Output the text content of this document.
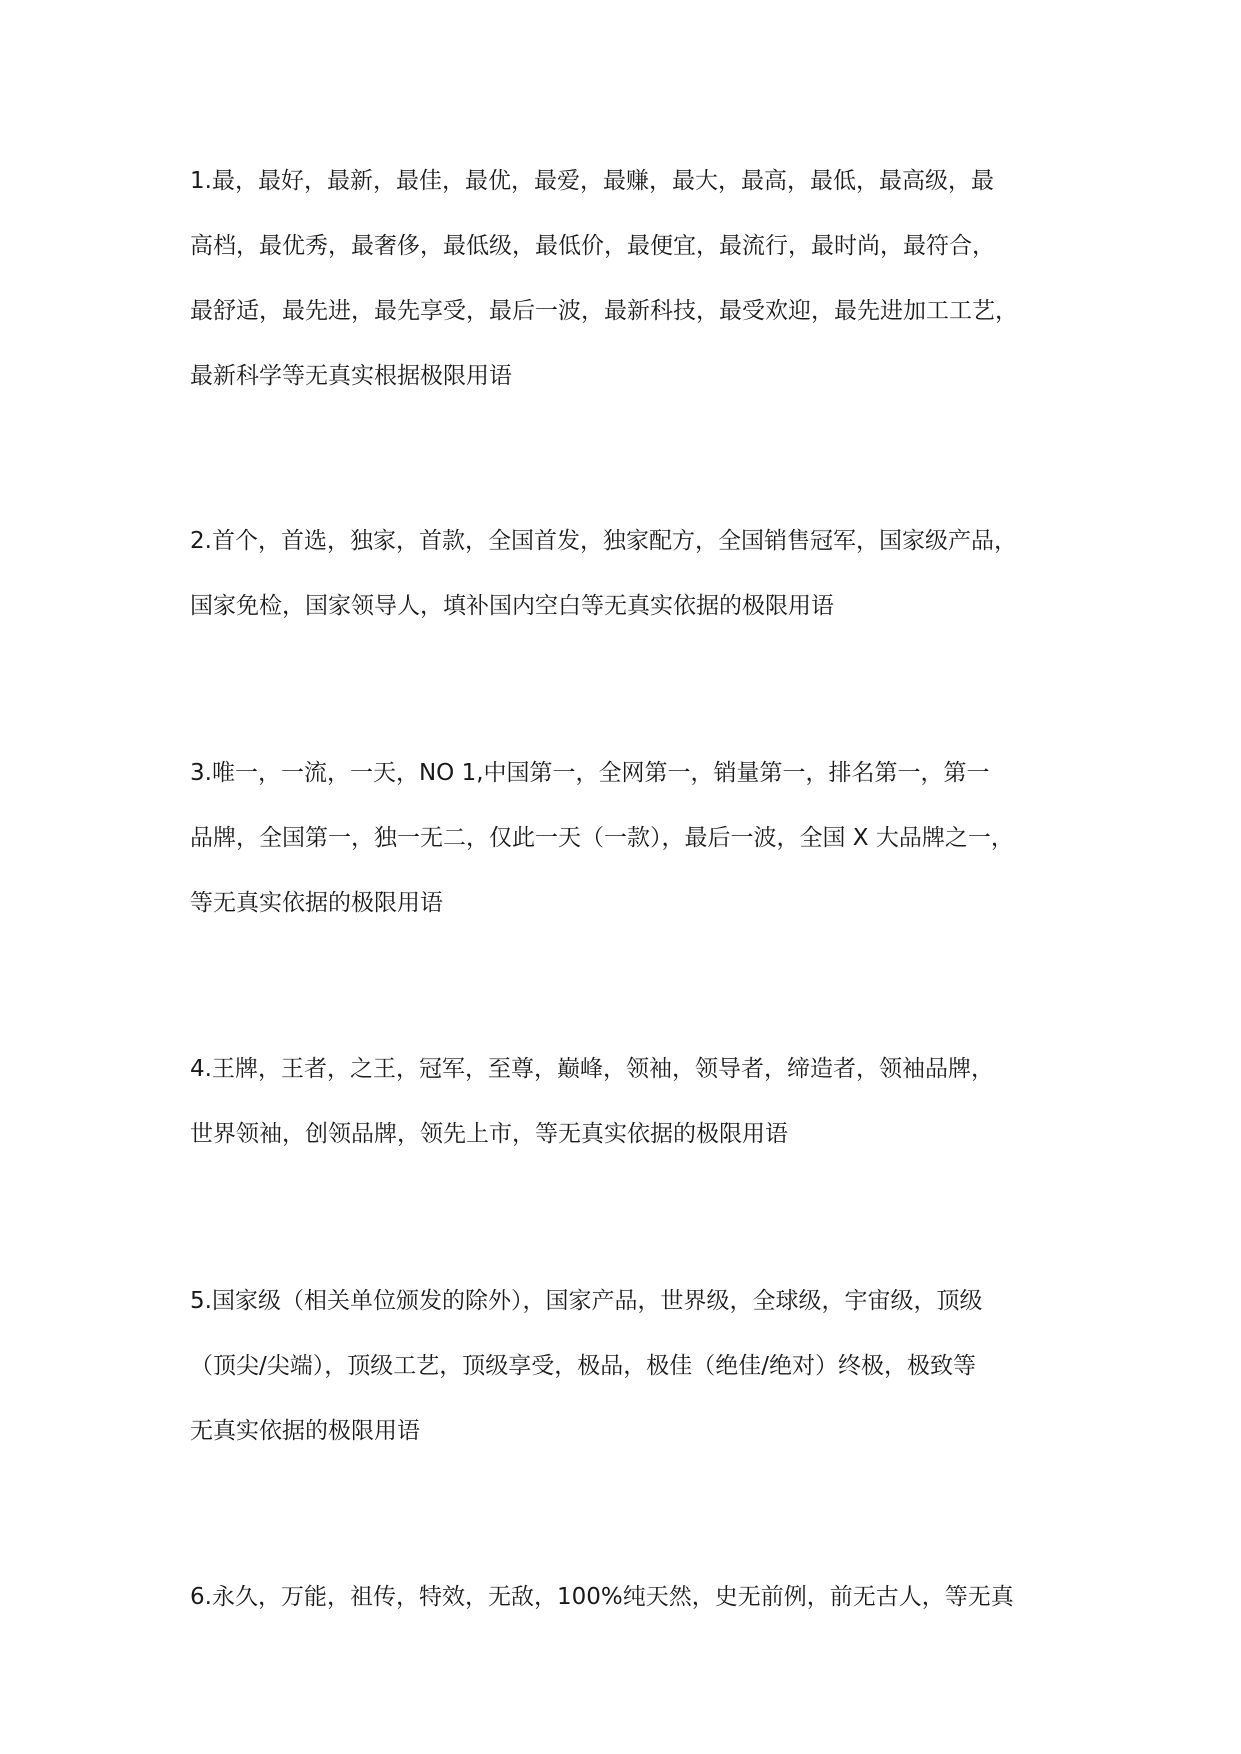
1.最，最好，最新，最佳，最优，最爱，最赚，最大，最高，最低，最高级，最
高档，最优秀，最奢侈，最低级，最低价，最便宜，最流行，最时尚，最符合，
最舒适，最先进，最先享受，最后一波，最新科技，最受欢迎，最先进加工工艺，
最新科学等无真实根据极限用语
2.首个，首选，独家，首款，全国首发，独家配方，全国销售冠军，国家级产品，
国家免检，国家领导人，填补国内空白等无真实依据的极限用语
3.唯一，一流，一天，NO 1,中国第一，全网第一，销量第一，排名第一，第一
品牌，全国第一，独一无二，仅此一天（一款），最后一波，全国 X 大品牌之一，
等无真实依据的极限用语
4.王牌，王者，之王，冠军，至尊，巅峰，领袖，领导者，缔造者，领袖品牌，
世界领袖，创领品牌，领先上市，等无真实依据的极限用语
5.国家级（相关单位颁发的除外），国家产品，世界级，全球级，宇宙级，顶级
（顶尖/尖端），顶级工艺，顶级享受，极品，极佳（绝佳/绝对）终极，极致等
无真实依据的极限用语
6.永久，万能，祖传，特效，无敌，100%纯天然，史无前例，前无古人，等无真
